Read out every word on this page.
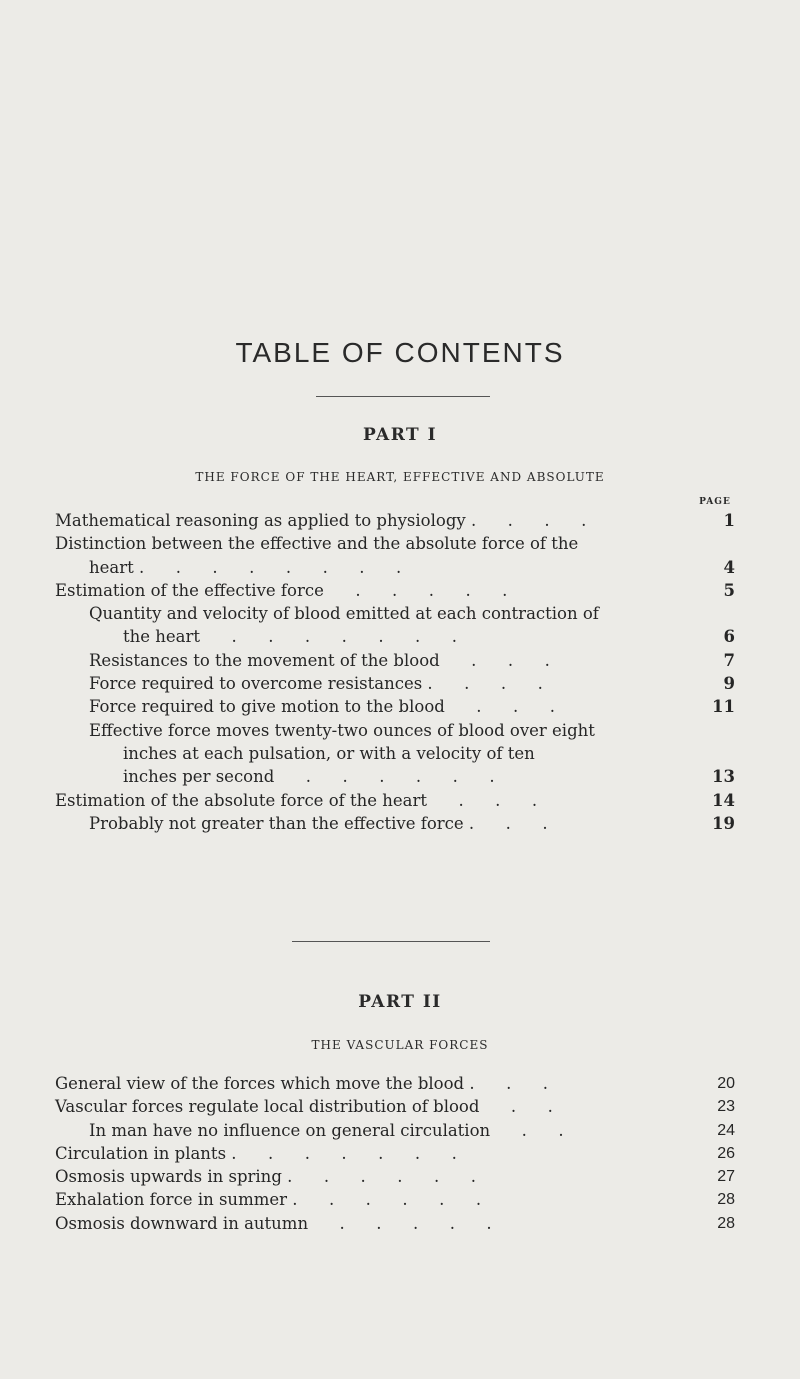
TABLE OF CONTENTS
PART I
THE FORCE OF THE HEART, EFFECTIVE AND ABSOLUTE
PAGE
Mathematical reasoning as applied to physiology .      .      .      .	1
Distinction between the effective and the absolute force of the
heart .      .      .      .      .      .      .      .	4
Estimation of the effective force      .      .      .      .      .	5
Quantity and velocity of blood emitted at each contraction of
the heart      .      .      .      .      .      .      .	6
Resistances to the movement of the blood      .      .      .	7
Force required to overcome resistances .      .      .      .	9
Force required to give motion to the blood      .      .      .	11
Effective force moves twenty-two ounces of blood over eight
inches at each pulsation, or with a velocity of ten
inches per second      .      .      .      .      .      .	13
Estimation of the absolute force of the heart      .      .      .	14
Probably not greater than the effective force .      .      .	19
PART II
THE VASCULAR FORCES
General view of the forces which move the blood .      .      .	20
Vascular forces regulate local distribution of blood      .      .	23
In man have no influence on general circulation      .      .	24
Circulation in plants .      .      .      .      .      .      .	26
Osmosis upwards in spring .      .      .      .      .      .	27
Exhalation force in summer .      .      .      .      .      .	28
Osmosis downward in autumn      .      .      .      .      .	28
